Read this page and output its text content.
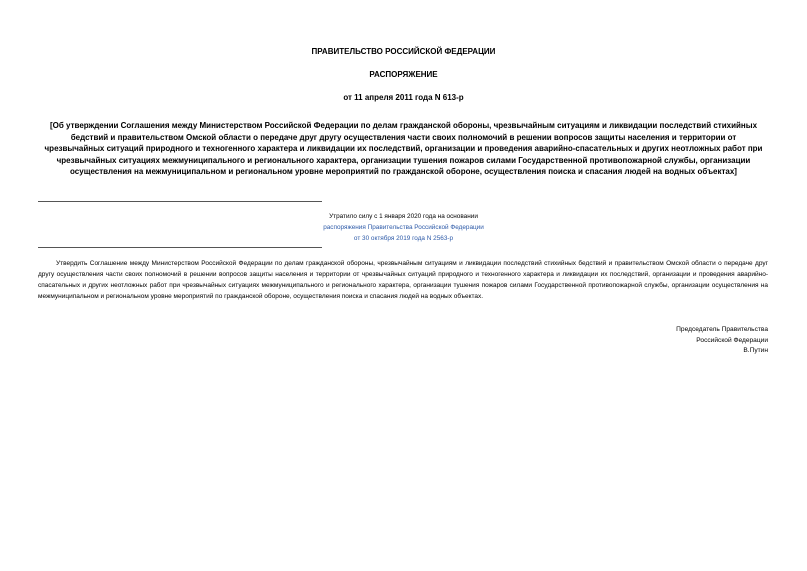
ПРАВИТЕЛЬСТВО РОССИЙСКОЙ ФЕДЕРАЦИИ
РАСПОРЯЖЕНИЕ
от 11 апреля 2011 года N 613-р
[Об утверждении Соглашения между Министерством Российской Федерации по делам гражданской обороны, чрезвычайным ситуациям и ликвидации последствий стихийных бедствий и правительством Омской области о передаче друг другу осуществления части своих полномочий в решении вопросов защиты населения и территории от чрезвычайных ситуаций природного и техногенного характера и ликвидации их последствий, организации и проведения аварийно-спасательных и других неотложных работ при чрезвычайных ситуациях межмуниципального и регионального характера, организации тушения пожаров силами Государственной противопожарной службы, организации осуществления на межмуниципальном и региональном уровне мероприятий по гражданской обороне, осуществления поиска и спасания людей на водных объектах]
Утратило силу с 1 января 2020 года на основании
распоряжения Правительства Российской Федерации
от 30 октября 2019 года N 2563-р
Утвердить Соглашение между Министерством Российской Федерации по делам гражданской обороны, чрезвычайным ситуациям и ликвидации последствий стихийных бедствий и правительством Омской области о передаче друг другу осуществления части своих полномочий в решении вопросов защиты населения и территории от чрезвычайных ситуаций природного и техногенного характера и ликвидации их последствий, организации и проведения аварийно-спасательных и других неотложных работ при чрезвычайных ситуациях межмуниципального и регионального характера, организации тушения пожаров силами Государственной противопожарной службы, организации осуществления на межмуниципальном и региональном уровне мероприятий по гражданской обороне, осуществления поиска и спасания людей на водных объектах.
Председатель Правительства
Российской Федерации
В.Путин
